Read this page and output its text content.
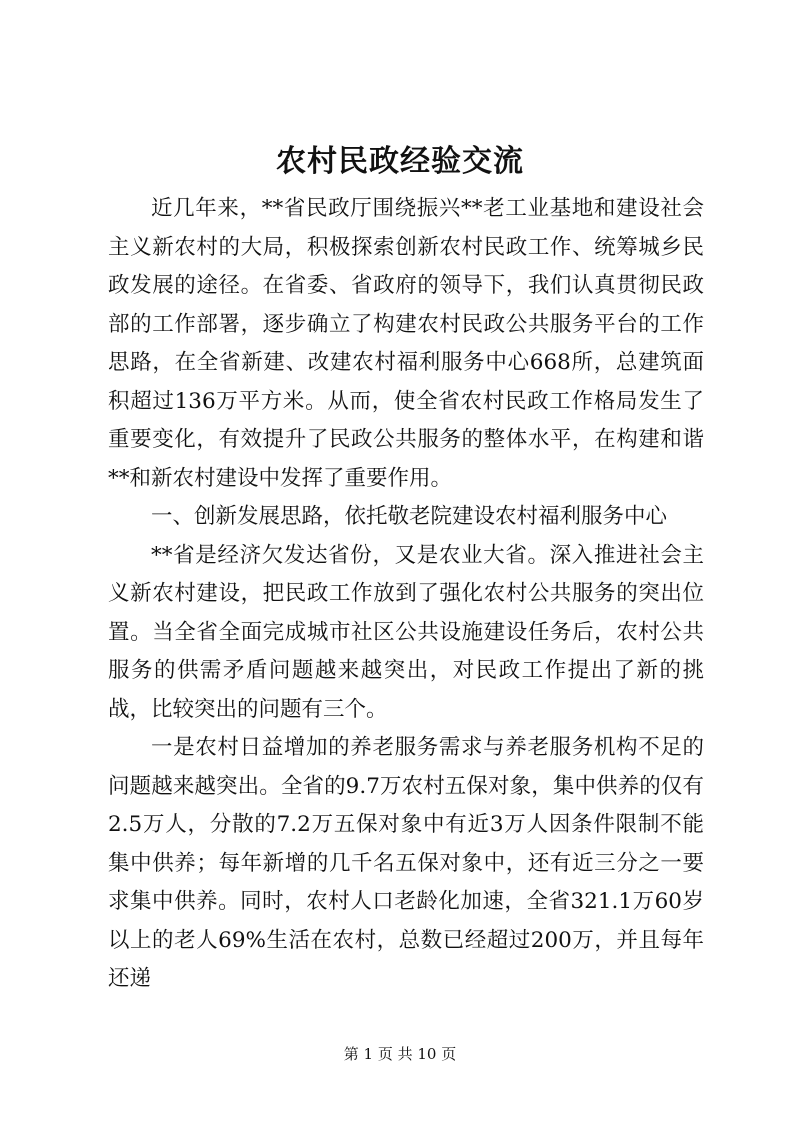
农村民政经验交流

近几年来，**省民政厅围绕振兴**老工业基地和建设社会主义新农村的大局，积极探索创新农村民政工作、统筹城乡民政发展的途径。在省委、省政府的领导下，我们认真贯彻民政部的工作部署，逐步确立了构建农村民政公共服务平台的工作思路，在全省新建、改建农村福利服务中心668所，总建筑面积超过136万平方米。从而，使全省农村民政工作格局发生了重要变化，有效提升了民政公共服务的整体水平，在构建和谐**和新农村建设中发挥了重要作用。

一、创新发展思路，依托敬老院建设农村福利服务中心

**省是经济欠发达省份，又是农业大省。深入推进社会主义新农村建设，把民政工作放到了强化农村公共服务的突出位置。当全省全面完成城市社区公共设施建设任务后，农村公共服务的供需矛盾问题越来越突出，对民政工作提出了新的挑战，比较突出的问题有三个。

一是农村日益增加的养老服务需求与养老服务机构不足的问题越来越突出。全省的9.7万农村五保对象，集中供养的仅有2.5万人，分散的7.2万五保对象中有近3万人因条件限制不能集中供养；每年新增的几千名五保对象中，还有近三分之一要求集中供养。同时，农村人口老龄化加速，全省321.1万60岁以上的老人69%生活在农村，总数已经超过200万，并且每年还递

第 1 页 共 10 页
